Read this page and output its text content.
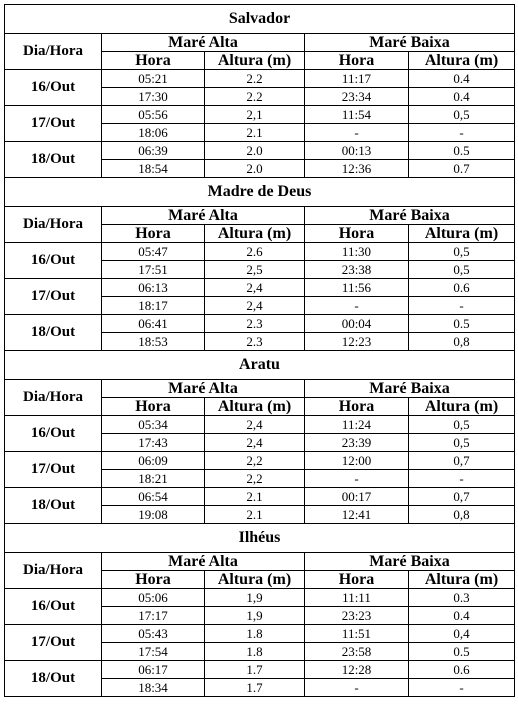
Salvador				
Dia/Hora	Maré Alta		Maré Baixa	
	Hora	Altura (m)	Hora	Altura (m)
16/Out	05:21	2.2	11:17	0.4
	17:30	2.2	23:34	0.4
17/Out	05:56	2,1	11:54	0,5
	18:06	2.1	-	-
18/Out	06:39	2.0	00:13	0.5
	18:54	2.0	12:36	0.7
Madre de Deus				
Dia/Hora	Maré Alta		Maré Baixa	
	Hora	Altura (m)	Hora	Altura (m)
16/Out	05:47	2.6	11:30	0,5
	17:51	2,5	23:38	0,5
17/Out	06:13	2,4	11:56	0.6
	18:17	2,4	-	-
18/Out	06:41	2.3	00:04	0.5
	18:53	2.3	12:23	0,8
Aratu				
Dia/Hora	Maré Alta		Maré Baixa	
	Hora	Altura (m)	Hora	Altura (m)
16/Out	05:34	2,4	11:24	0,5
	17:43	2,4	23:39	0,5
17/Out	06:09	2,2	12:00	0,7
	18:21	2,2	-	-
18/Out	06:54	2.1	00:17	0,7
	19:08	2.1	12:41	0,8
Ilhéus				
Dia/Hora	Maré Alta		Maré Baixa	
	Hora	Altura (m)	Hora	Altura (m)
16/Out	05:06	1,9	11:11	0.3
	17:17	1,9	23:23	0.4
17/Out	05:43	1.8	11:51	0,4
	17:54	1.8	23:58	0.5
18/Out	06:17	1.7	12:28	0.6
	18:34	1.7	-	-
